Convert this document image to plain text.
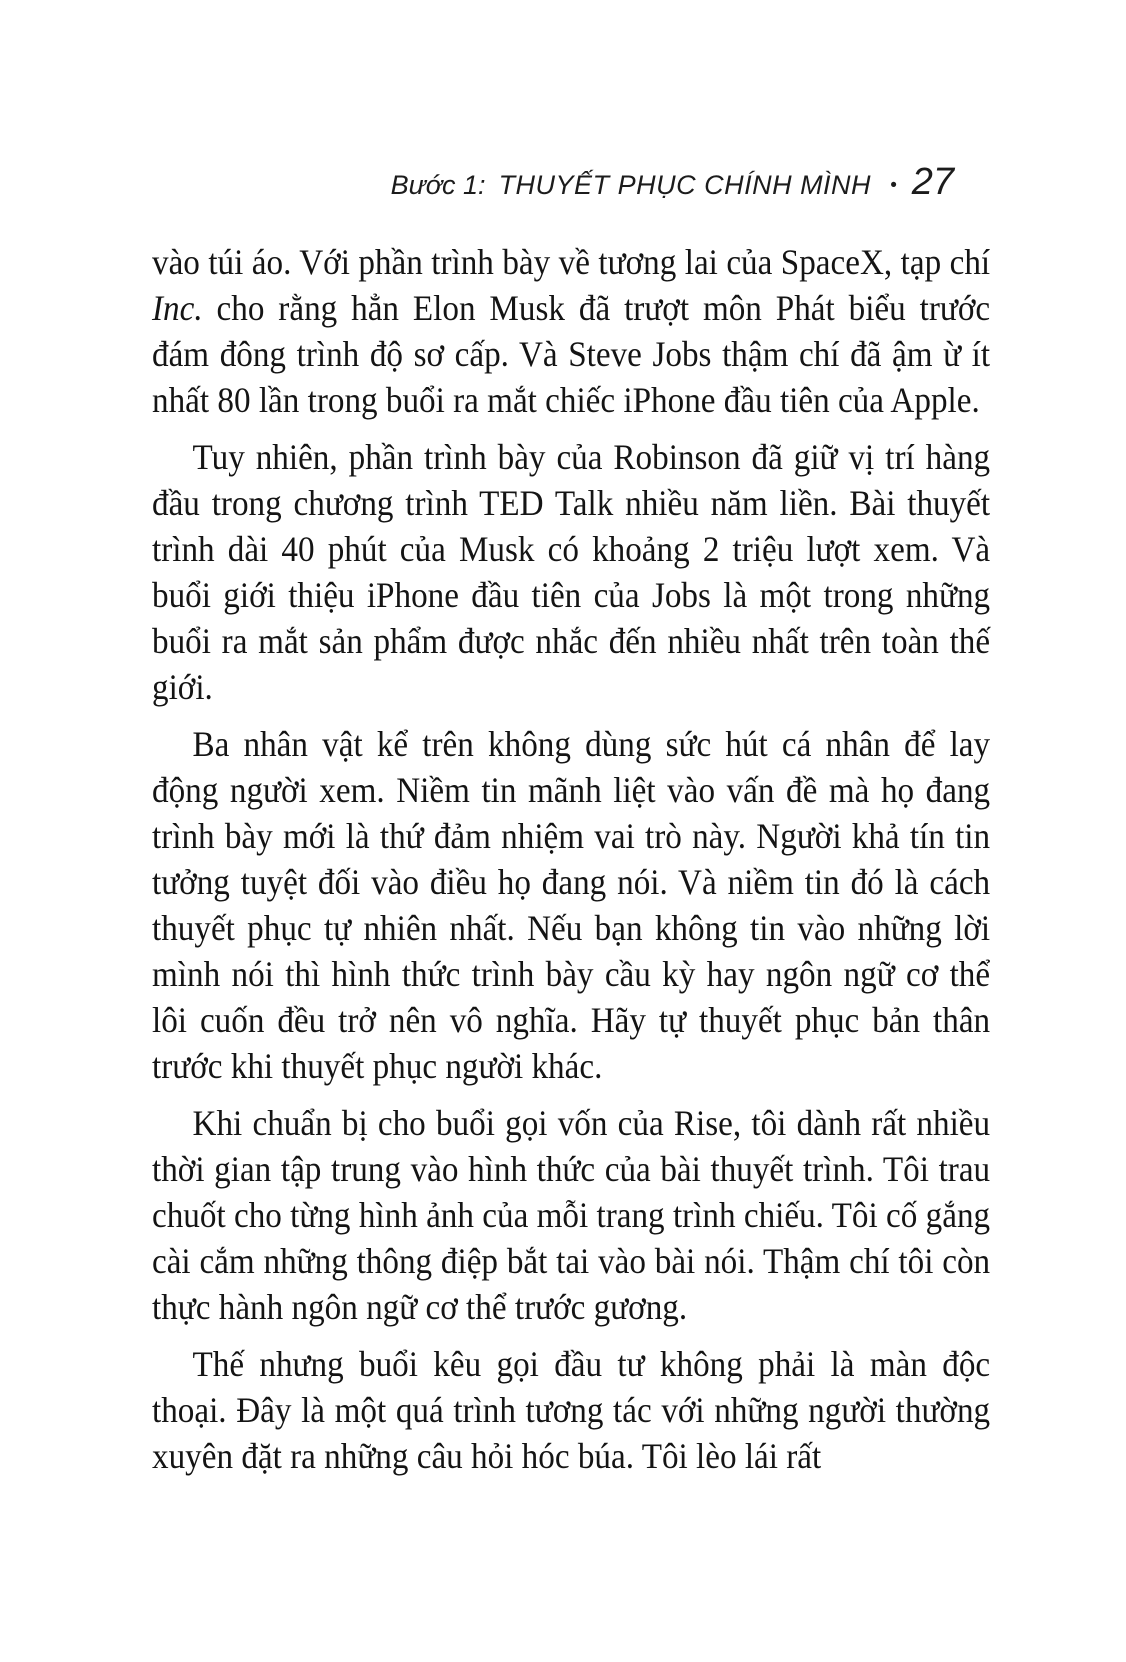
Bước 1: THUYẾT PHỤC CHÍNH MÌNH • 27

vào túi áo. Với phần trình bày về tương lai của SpaceX, tạp chí Inc. cho rằng hẳn Elon Musk đã trượt môn Phát biểu trước đám đông trình độ sơ cấp. Và Steve Jobs thậm chí đã ậm ừ ít nhất 80 lần trong buổi ra mắt chiếc iPhone đầu tiên của Apple.

Tuy nhiên, phần trình bày của Robinson đã giữ vị trí hàng đầu trong chương trình TED Talk nhiều năm liền. Bài thuyết trình dài 40 phút của Musk có khoảng 2 triệu lượt xem. Và buổi giới thiệu iPhone đầu tiên của Jobs là một trong những buổi ra mắt sản phẩm được nhắc đến nhiều nhất trên toàn thế giới.

Ba nhân vật kể trên không dùng sức hút cá nhân để lay động người xem. Niềm tin mãnh liệt vào vấn đề mà họ đang trình bày mới là thứ đảm nhiệm vai trò này. Người khả tín tin tưởng tuyệt đối vào điều họ đang nói. Và niềm tin đó là cách thuyết phục tự nhiên nhất. Nếu bạn không tin vào những lời mình nói thì hình thức trình bày cầu kỳ hay ngôn ngữ cơ thể lôi cuốn đều trở nên vô nghĩa. Hãy tự thuyết phục bản thân trước khi thuyết phục người khác.

Khi chuẩn bị cho buổi gọi vốn của Rise, tôi dành rất nhiều thời gian tập trung vào hình thức của bài thuyết trình. Tôi trau chuốt cho từng hình ảnh của mỗi trang trình chiếu. Tôi cố gắng cài cắm những thông điệp bắt tai vào bài nói. Thậm chí tôi còn thực hành ngôn ngữ cơ thể trước gương.

Thế nhưng buổi kêu gọi đầu tư không phải là màn độc thoại. Đây là một quá trình tương tác với những người thường xuyên đặt ra những câu hỏi hóc búa. Tôi lèo lái rất
